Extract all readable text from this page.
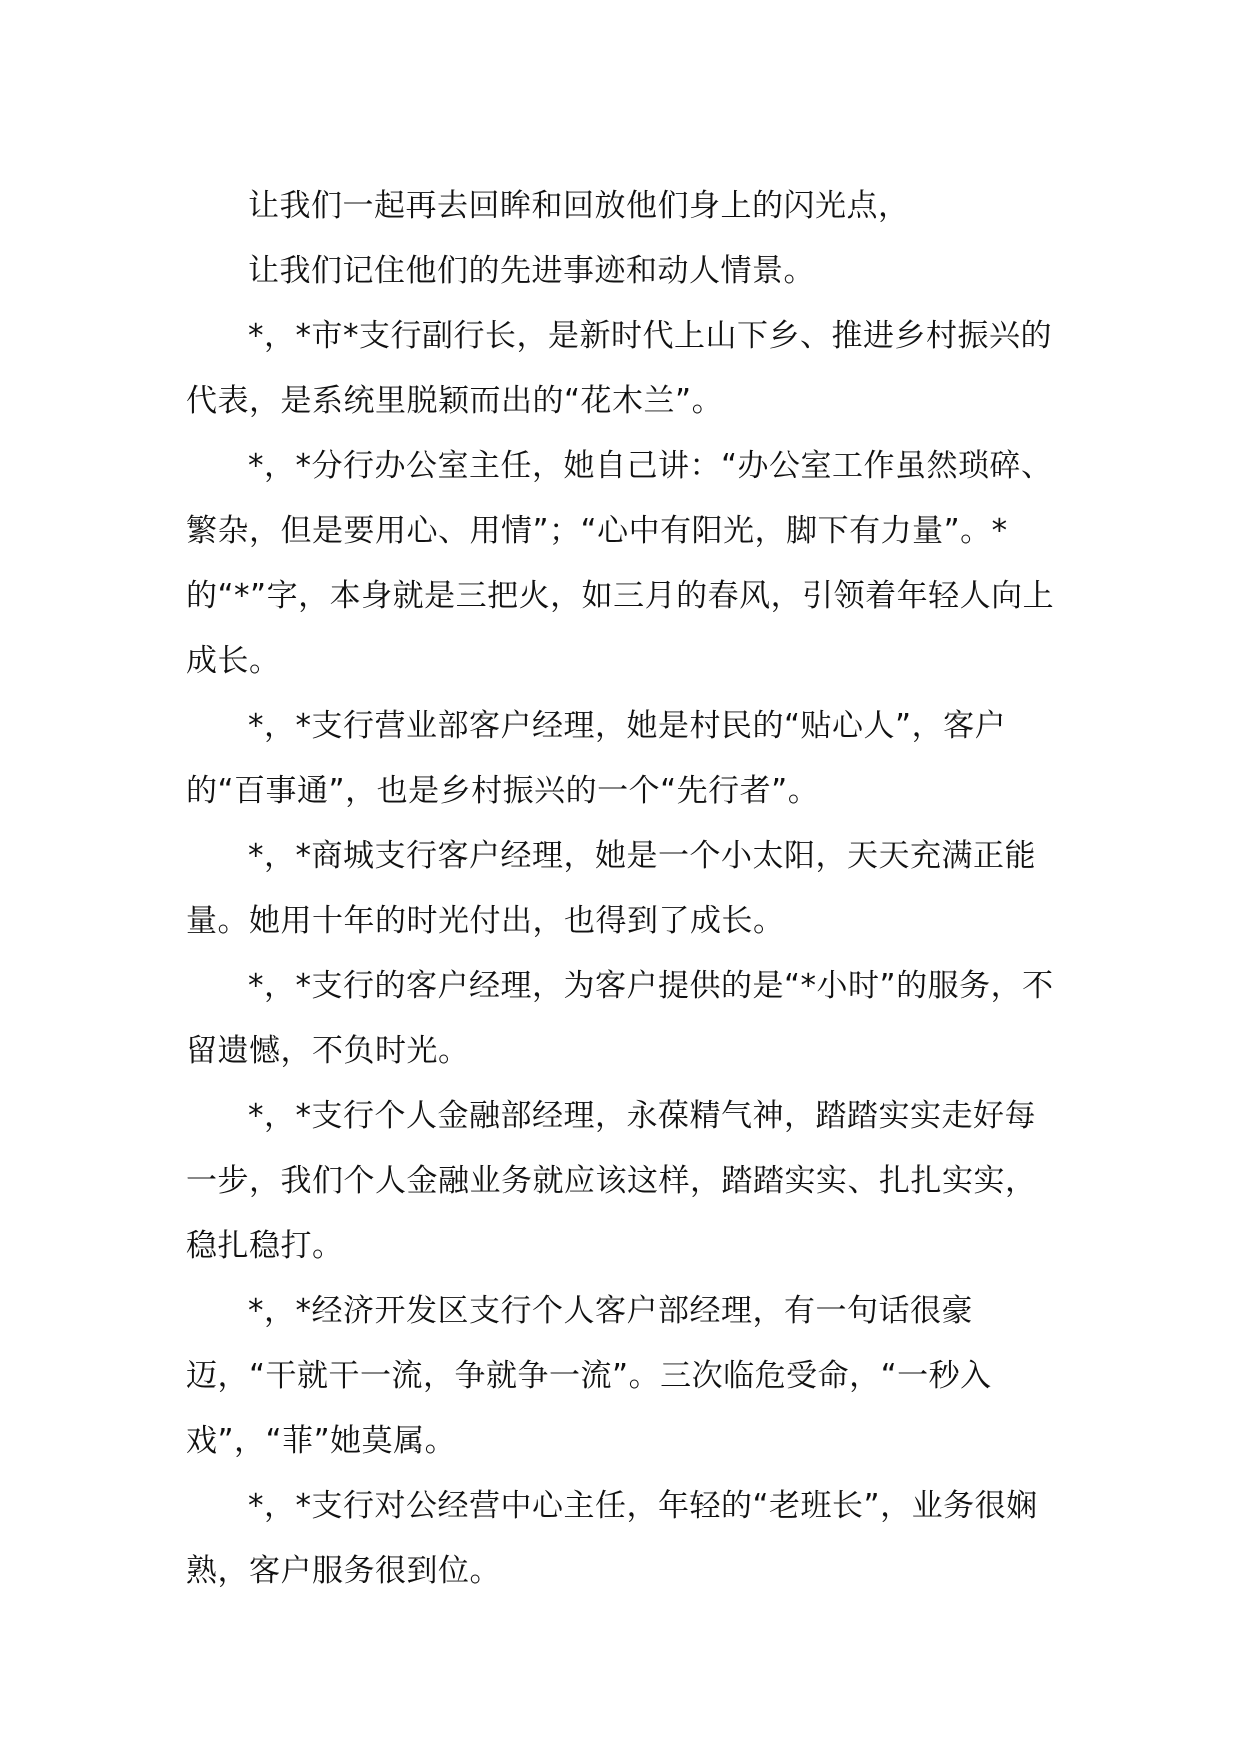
让我们一起再去回眸和回放他们身上的闪光点，

让我们记住他们的先进事迹和动人情景。

*，*市*支行副行长，是新时代上山下乡、推进乡村振兴的代表，是系统里脱颖而出的“花木兰”。

*，*分行办公室主任，她自己讲：“办公室工作虽然琐碎、繁杂，但是要用心、用情”；“心中有阳光，脚下有力量”。*的“*”字，本身就是三把火，如三月的春风，引领着年轻人向上成长。

*，*支行营业部客户经理，她是村民的“贴心人”，客户的“百事通”，也是乡村振兴的一个“先行者”。

*，*商城支行客户经理，她是一个小太阳，天天充满正能量。她用十年的时光付出，也得到了成长。

*，*支行的客户经理，为客户提供的是“*小时”的服务，不留遗憾，不负时光。

*，*支行个人金融部经理，永葆精气神，踏踏实实走好每一步，我们个人金融业务就应该这样，踏踏实实、扎扎实实，稳扎稳打。

*，*经济开发区支行个人客户部经理，有一句话很豪迈，“干就干一流，争就争一流”。三次临危受命，“一秒入戏”，“菲”她莫属。

*，*支行对公经营中心主任，年轻的“老班长”，业务很娴熟，客户服务很到位。
